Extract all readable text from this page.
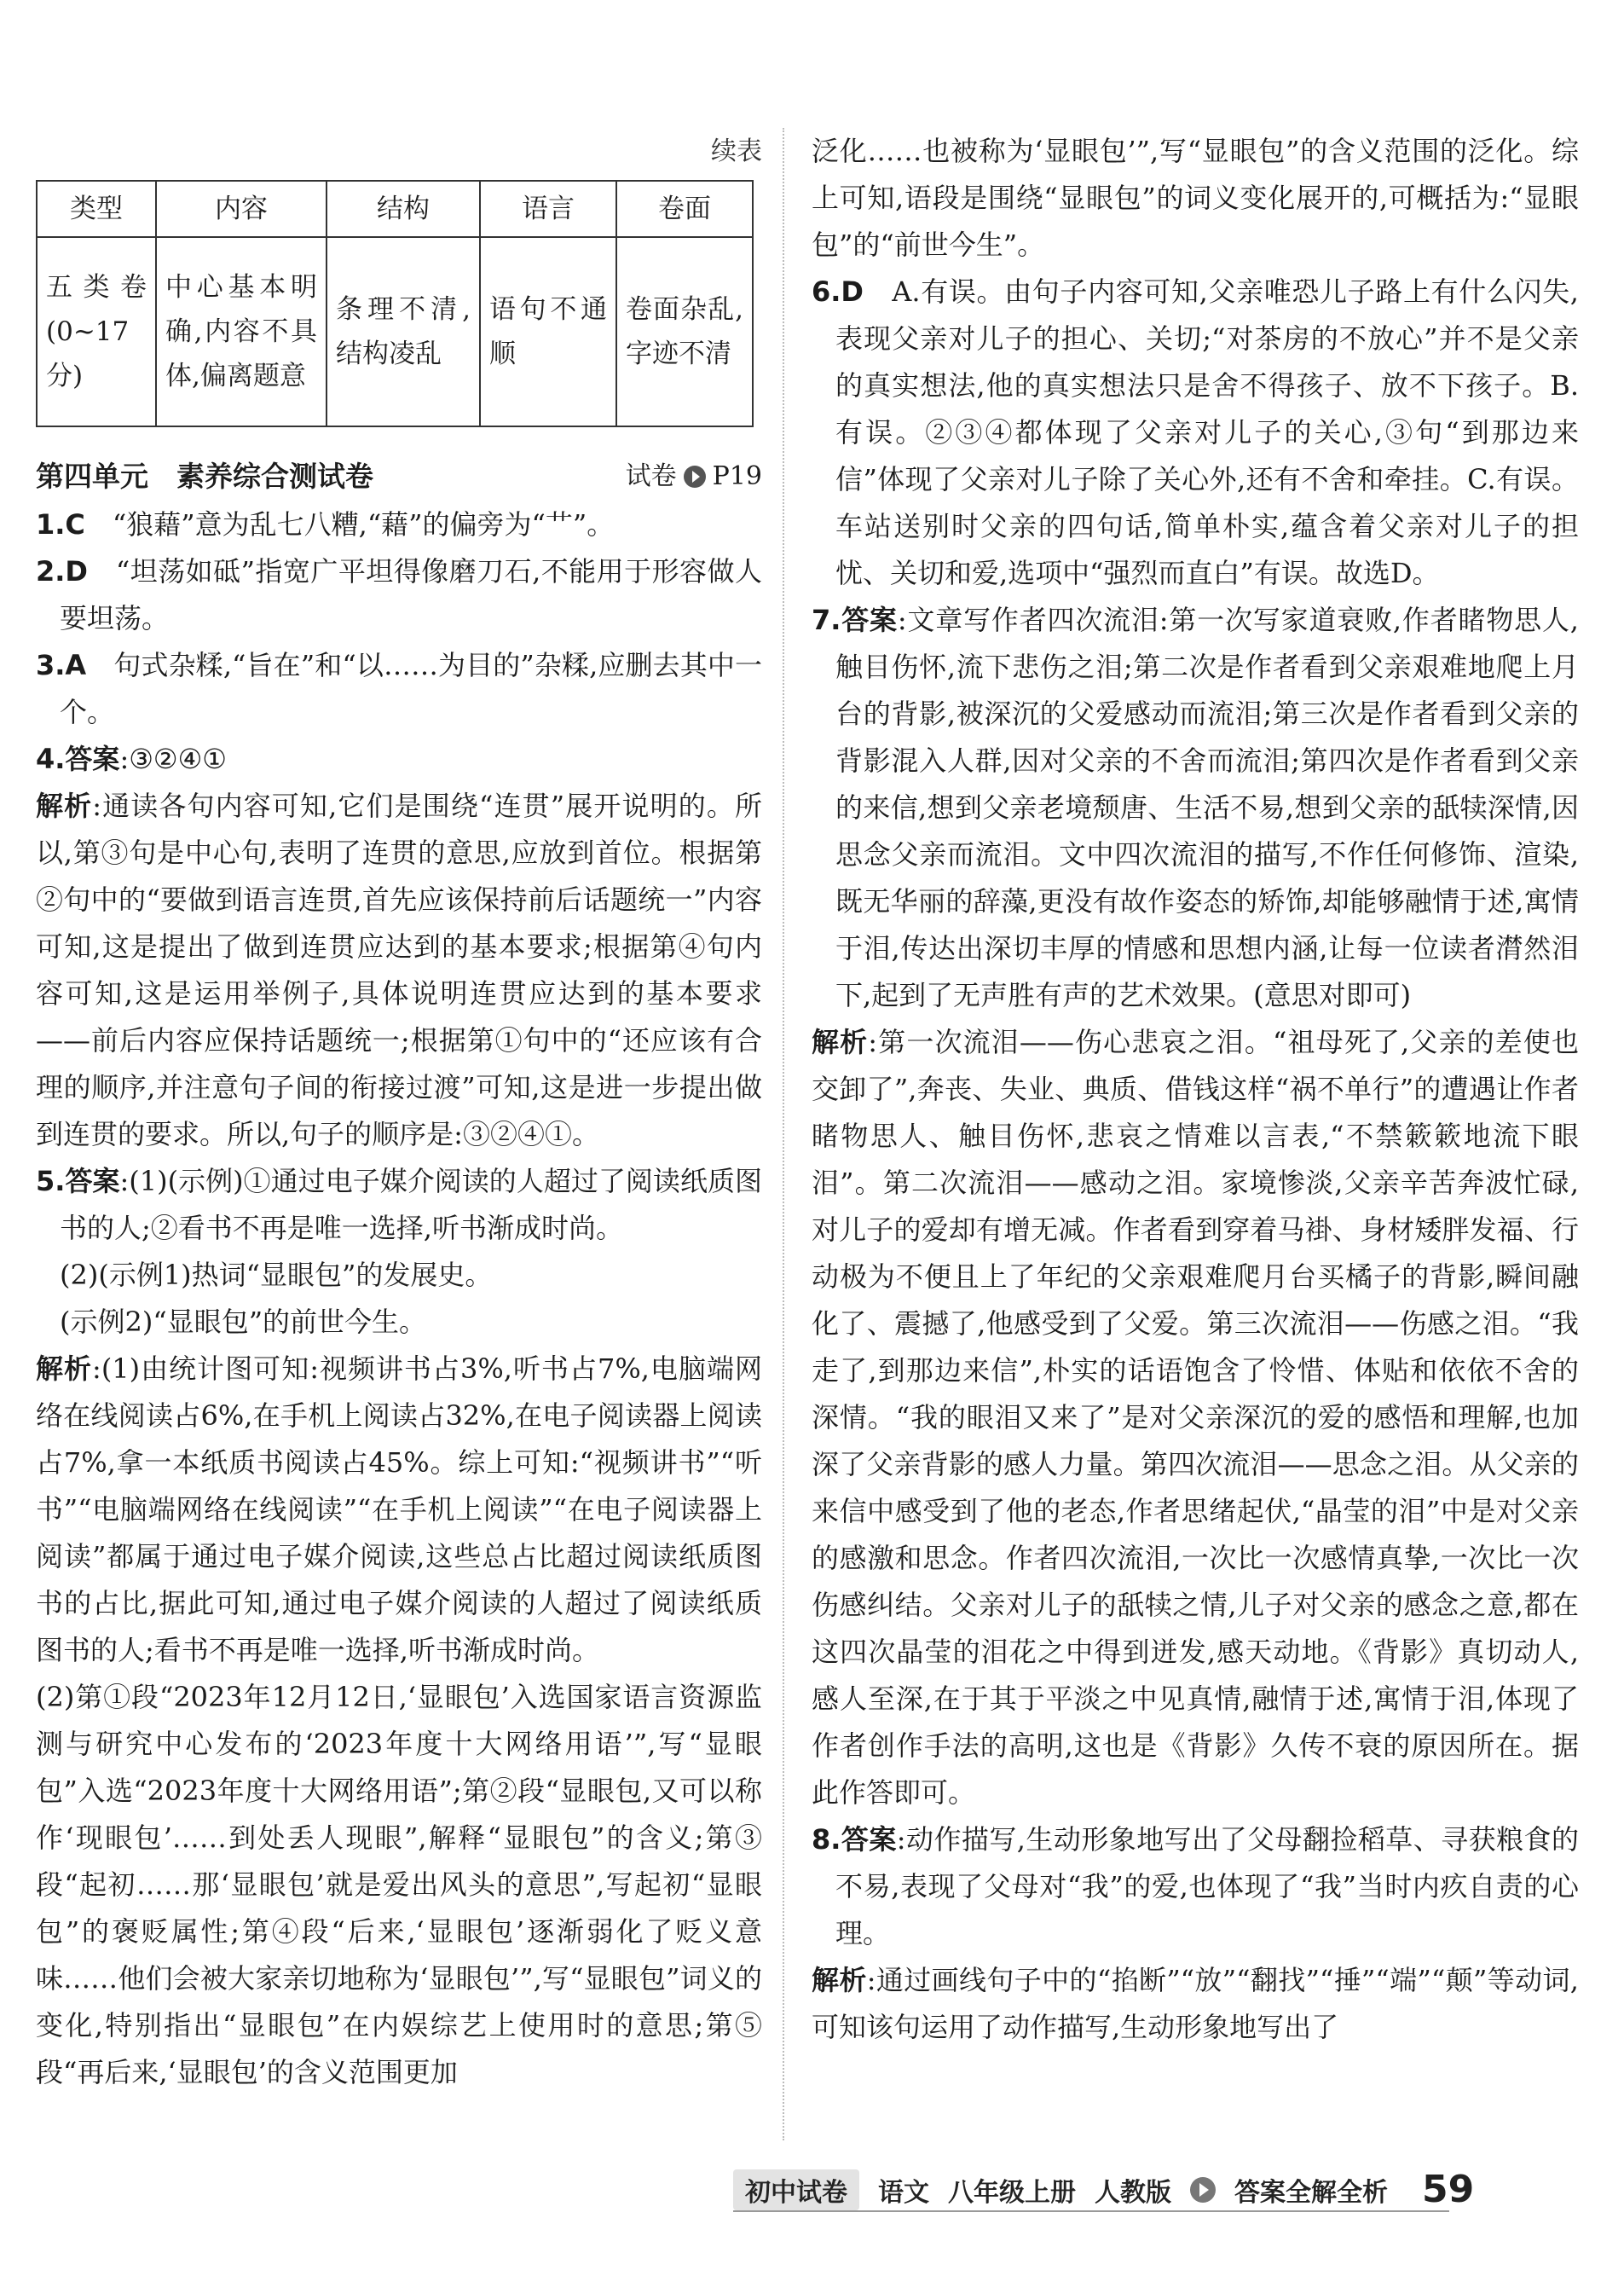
续表

类型	内容	结构	语言	卷面
五类卷(0~17分)	中心基本明确,内容不具体,偏离题意	条理不清,结构凌乱	语句不通顺	卷面杂乱,字迹不清
第四单元　素养综合测试卷	试卷 P19

1.C　 “狼藉”意为乱七八糟,“藉”的偏旁为“艹”。

2.D　 “坦荡如砥”指宽广平坦得像磨刀石,不能用于形容做人要坦荡。

3.A　 句式杂糅,“旨在”和“以……为目的”杂糅,应删去其中一个。

4.答案:③②④①

解析:通读各句内容可知,它们是围绕“连贯”展开说明的。所以,第③句是中心句,表明了连贯的意思,应放到首位。根据第②句中的“要做到语言连贯,首先应该保持前后话题统一”内容可知,这是提出了做到连贯应达到的基本要求;根据第④句内容可知,这是运用举例子,具体说明连贯应达到的基本要求——前后内容应保持话题统一;根据第①句中的“还应该有合理的顺序,并注意句子间的衔接过渡”可知,这是进一步提出做到连贯的要求。所以,句子的顺序是:③②④①。

5.答案:(1)(示例)①通过电子媒介阅读的人超过了阅读纸质图书的人;②看书不再是唯一选择,听书渐成时尚。

(2)(示例1)热词“显眼包”的发展史。

(示例2)“显眼包”的前世今生。

解析:(1)由统计图可知:视频讲书占3%,听书占7%,电脑端网络在线阅读占6%,在手机上阅读占32%,在电子阅读器上阅读占7%,拿一本纸质书阅读占45%。综上可知:“视频讲书”“听书”“电脑端网络在线阅读”“在手机上阅读”“在电子阅读器上阅读”都属于通过电子媒介阅读,这些总占比超过阅读纸质图书的占比,据此可知,通过电子媒介阅读的人超过了阅读纸质图书的人;看书不再是唯一选择,听书渐成时尚。

(2)第①段“2023年12月12日,‘显眼包’入选国家语言资源监测与研究中心发布的‘2023年度十大网络用语’”,写“显眼包”入选“2023年度十大网络用语”;第②段“显眼包,又可以称作‘现眼包’……到处丢人现眼”,解释“显眼包”的含义;第③段“起初……那‘显眼包’就是爱出风头的意思”,写起初“显眼包”的褒贬属性;第④段“后来,‘显眼包’逐渐弱化了贬义意味……他们会被大家亲切地称为‘显眼包’”,写“显眼包”词义的变化,特别指出“显眼包”在内娱综艺上使用时的意思;第⑤段“再后来,‘显眼包’的含义范围更加

泛化……也被称为‘显眼包’”,写“显眼包”的含义范围的泛化。综上可知,语段是围绕“显眼包”的词义变化展开的,可概括为:“显眼包”的“前世今生”。

6.D　 A.有误。由句子内容可知,父亲唯恐儿子路上有什么闪失,表现父亲对儿子的担心、关切;“对茶房的不放心”并不是父亲的真实想法,他的真实想法只是舍不得孩子、放不下孩子。B.有误。②③④都体现了父亲对儿子的关心,③句“到那边来信”体现了父亲对儿子除了关心外,还有不舍和牵挂。C.有误。车站送别时父亲的四句话,简单朴实,蕴含着父亲对儿子的担忧、关切和爱,选项中“强烈而直白”有误。故选D。

7.答案:文章写作者四次流泪:第一次写家道衰败,作者睹物思人,触目伤怀,流下悲伤之泪;第二次是作者看到父亲艰难地爬上月台的背影,被深沉的父爱感动而流泪;第三次是作者看到父亲的背影混入人群,因对父亲的不舍而流泪;第四次是作者看到父亲的来信,想到父亲老境颓唐、生活不易,想到父亲的舐犊深情,因思念父亲而流泪。文中四次流泪的描写,不作任何修饰、渲染,既无华丽的辞藻,更没有故作姿态的矫饰,却能够融情于述,寓情于泪,传达出深切丰厚的情感和思想内涵,让每一位读者潸然泪下,起到了无声胜有声的艺术效果。(意思对即可)

解析:第一次流泪——伤心悲哀之泪。“祖母死了,父亲的差使也交卸了”,奔丧、失业、典质、借钱这样“祸不单行”的遭遇让作者睹物思人、触目伤怀,悲哀之情难以言表,“不禁簌簌地流下眼泪”。第二次流泪——感动之泪。家境惨淡,父亲辛苦奔波忙碌,对儿子的爱却有增无减。作者看到穿着马褂、身材矮胖发福、行动极为不便且上了年纪的父亲艰难爬月台买橘子的背影,瞬间融化了、震撼了,他感受到了父爱。第三次流泪——伤感之泪。“我走了,到那边来信”,朴实的话语饱含了怜惜、体贴和依依不舍的深情。“我的眼泪又来了”是对父亲深沉的爱的感悟和理解,也加深了父亲背影的感人力量。第四次流泪——思念之泪。从父亲的来信中感受到了他的老态,作者思绪起伏,“晶莹的泪”中是对父亲的感激和思念。作者四次流泪,一次比一次感情真挚,一次比一次伤感纠结。父亲对儿子的舐犊之情,儿子对父亲的感念之意,都在这四次晶莹的泪花之中得到迸发,感天动地。《背影》真切动人,感人至深,在于其于平淡之中见真情,融情于述,寓情于泪,体现了作者创作手法的高明,这也是《背影》久传不衰的原因所在。据此作答即可。

8.答案:动作描写,生动形象地写出了父母翻捡稻草、寻获粮食的不易,表现了父母对“我”的爱,也体现了“我”当时内疚自责的心理。

解析:通过画线句子中的“掐断”“放”“翻找”“捶”“端”“颠”等动词,可知该句运用了动作描写,生动形象地写出了

初中试卷	语文 八年级上册 人教版 答案全解全析 59
